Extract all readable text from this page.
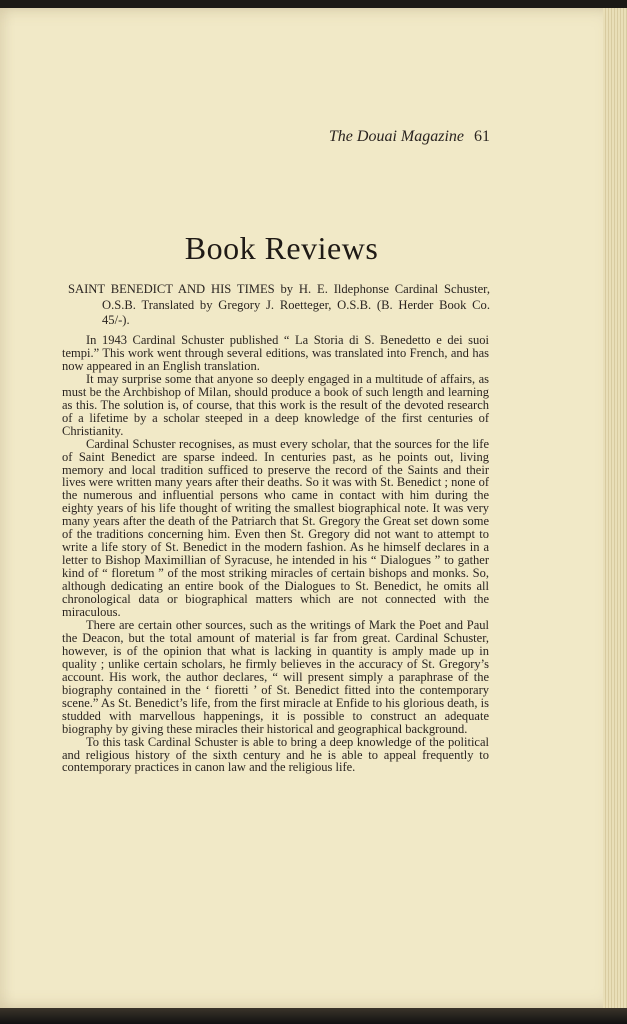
The Douai Magazine 61
Book Reviews
SAINT BENEDICT AND HIS TIMES by H. E. Ildephonse Cardinal Schuster, O.S.B. Translated by Gregory J. Roetteger, O.S.B. (B. Herder Book Co. 45/-).

In 1943 Cardinal Schuster published “ La Storia di S. Benedetto e dei suoi tempi.” This work went through several editions, was translated into French, and has now appeared in an English translation.

It may surprise some that anyone so deeply engaged in a multitude of affairs, as must be the Archbishop of Milan, should produce a book of such length and learning as this. The solution is, of course, that this work is the result of the devoted research of a lifetime by a scholar steeped in a deep knowledge of the first centuries of Christianity.

Cardinal Schuster recognises, as must every scholar, that the sources for the life of Saint Benedict are sparse indeed. In centuries past, as he points out, living memory and local tradition sufficed to preserve the record of the Saints and their lives were written many years after their deaths. So it was with St. Benedict ; none of the numerous and influential persons who came in contact with him during the eighty years of his life thought of writing the smallest biographical note. It was very many years after the death of the Patriarch that St. Gregory the Great set down some of the traditions concerning him. Even then St. Gregory did not want to attempt to write a life story of St. Benedict in the modern fashion. As he himself declares in a letter to Bishop Maximillian of Syracuse, he intended in his “ Dialogues ” to gather kind of “ floretum ” of the most striking miracles of certain bishops and monks. So, although dedicating an entire book of the Dialogues to St. Benedict, he omits all chronological data or biographical matters which are not connected with the miraculous.

There are certain other sources, such as the writings of Mark the Poet and Paul the Deacon, but the total amount of material is far from great. Cardinal Schuster, however, is of the opinion that what is lacking in quantity is amply made up in quality ; unlike certain scholars, he firmly believes in the accuracy of St. Gregory’s account. His work, the author declares, “ will present simply a paraphrase of the biography contained in the ‘ fioretti ’ of St. Benedict fitted into the contemporary scene.” As St. Benedict’s life, from the first miracle at Enfide to his glorious death, is studded with marvellous happenings, it is possible to construct an adequate biography by giving these miracles their historical and geographical background.

To this task Cardinal Schuster is able to bring a deep knowledge of the political and religious history of the sixth century and he is able to appeal frequently to contemporary practices in canon law and the religious life.
